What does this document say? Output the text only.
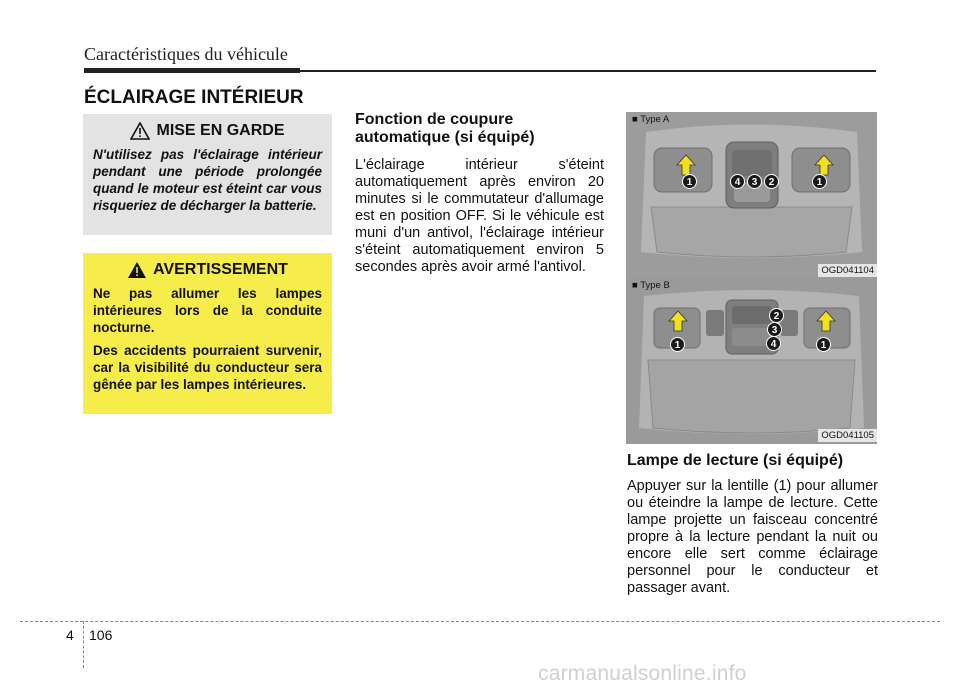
Caractéristiques du véhicule
ÉCLAIRAGE INTÉRIEUR
MISE EN GARDE
N'utilisez pas l'éclairage intérieur pendant une période prolongée quand le moteur est éteint car vous risqueriez de décharger la batterie.
AVERTISSEMENT

Ne pas allumer les lampes intérieures lors de la conduite nocturne.

Des accidents pourraient survenir, car la visibilité du conducteur sera gênée par les lampes intérieures.

Fonction de coupure
automatique (si équipé)

L'éclairage intérieur s'éteint automatiquement après environ 20 minutes si le commutateur d'allumage est en position OFF. Si le véhicule est muni d'un antivol, l'éclairage intérieur s'éteint automatiquement environ 5 secondes après avoir armé l'antivol.

1	4	3	2	1
OGD041104
■ Type A
1
2
3
4	1
OGD041105
■ Type B
Lampe de lecture (si équipé)

Appuyer sur la lentille (1) pour allumer ou éteindre la lampe de lecture. Cette lampe projette un faisceau concentré propre à la lecture pendant la nuit ou encore elle sert comme éclairage personnel pour le conducteur et passager avant.

4 106
carmanualsonline.info
